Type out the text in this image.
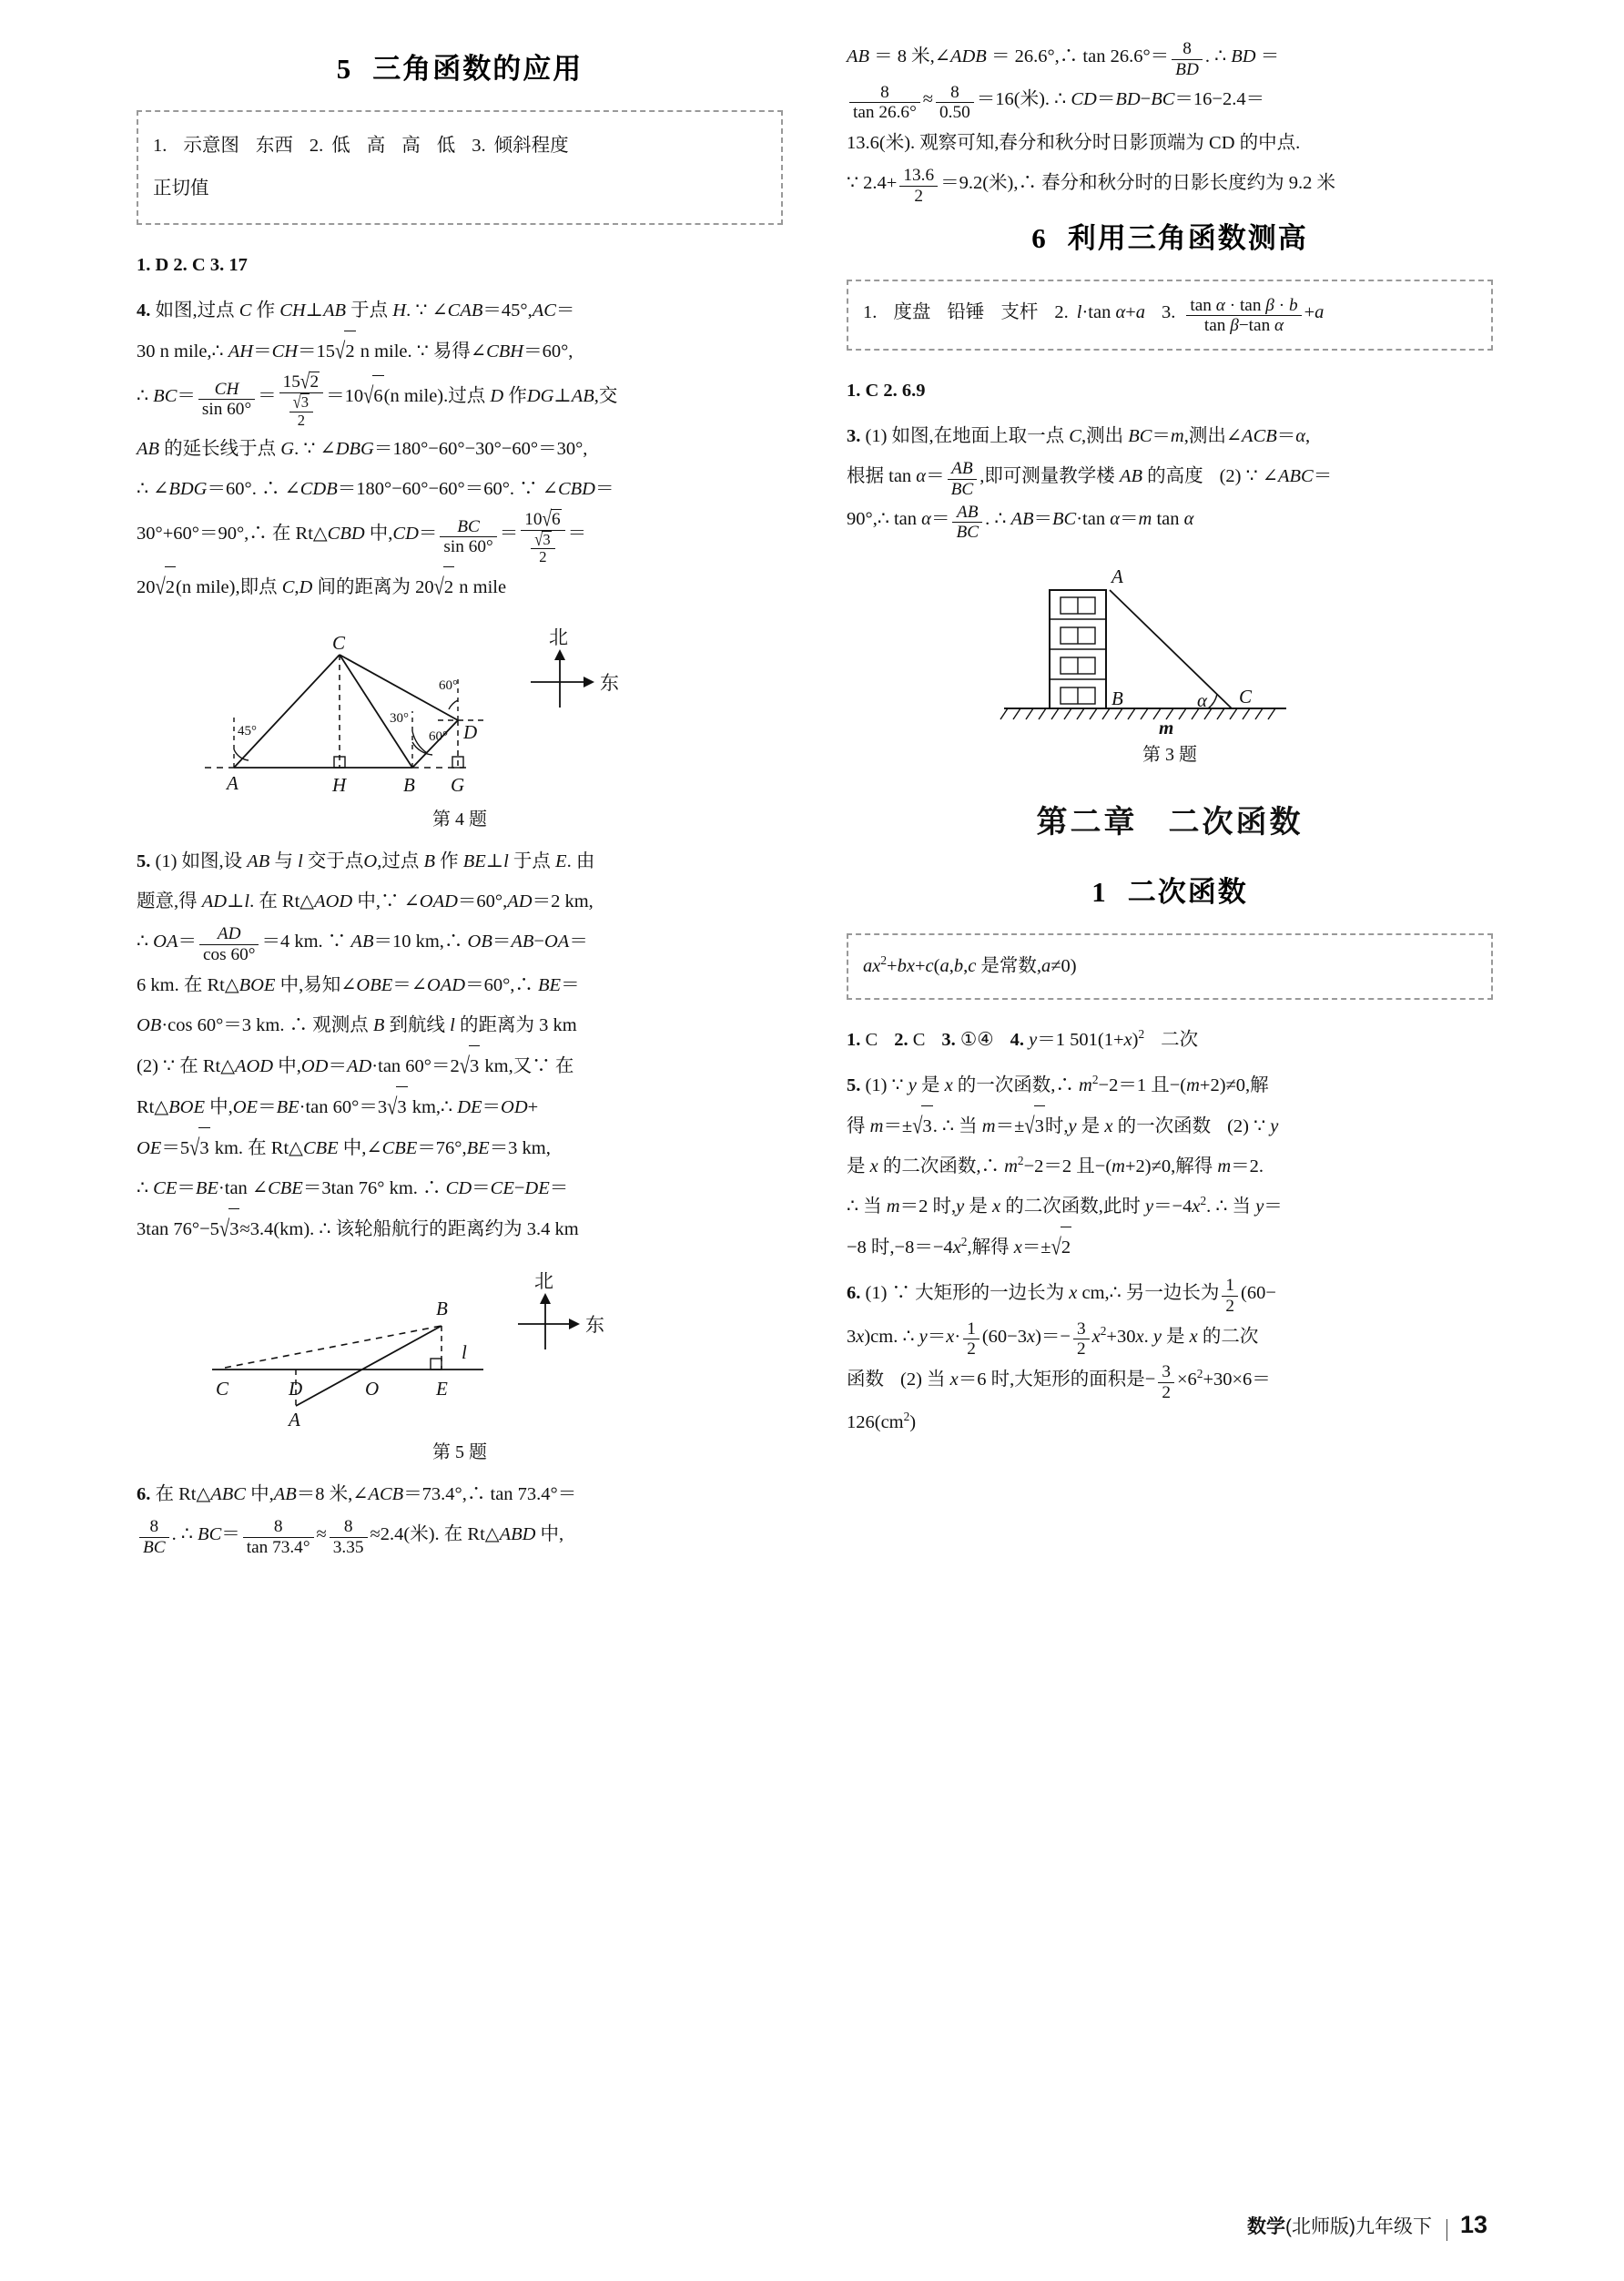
5 三角函数的应用
1. 示意图 东西 2. 低 高 高 低 3. 倾斜程度
正切值

1. D 2. C 3. 17

4. 如图,过点 C 作 CH⊥AB 于点 H. ∵ ∠CAB＝45°,AC＝
30 n mile,∴ AH＝CH＝15√2 n mile. ∵ 易得∠CBH＝60°,
∴ $BC= \frac{CH}{\sin 60^\circ} = \frac{15√2}{\frac{√3}{2}} =10√6(n$ mile).过点 D 作DG⊥AB,交
AB 的延长线于点 G. ∵ ∠DBG＝180°−60°−30°−60°＝30°,
∴ ∠BDG＝60°. ∴ ∠CDB＝180°−60°−60°＝60°. ∵ ∠CBD＝
30°+60°＝90°,∴ 在 Rt△CBD 中$,CD= \frac{BC}{\sin 60^\circ} = \frac{10√6}{\frac{√3}{2}}$ ＝
20√2(n mile),即点 C,D 间的距离为 20√2 n mile

45°
30°
60°
60°
A
C
H	B G
D
北
东
第 4 题

5. (1) 如图,设 AB 与 l 交于点O,过点 B 作 BE⊥l 于点 E. 由
题意,得 AD⊥l. 在 Rt△AOD 中,∵ ∠OAD＝60°,AD＝2 km,
∴ $OA= \frac{AD}{\cos 60^\circ} =4$ km. ∵ AB＝10 km,∴ OB＝AB−OA＝
6 km. 在 Rt△BOE 中,易知∠OBE＝∠OAD＝60°,∴ BE＝
OB·cos 60°＝3 km. ∴ 观测点 B 到航线 l 的距离为 3 km
(2) ∵ 在 Rt△AOD 中,OD＝AD·tan 60°＝2√3 km,又∵ 在
Rt△BOE 中,OE＝BE·tan 60°＝3√3 km,∴ DE＝OD+
OE＝5√3 km. 在 Rt△CBE 中,∠CBE＝76°,BE＝3 km,
∴ CE＝BE·tan ∠CBE＝3tan 76° km. ∴ CD＝CE−DE＝
3tan 76°−5√3≈3.4(km). ∴ 该轮船航行的距离约为 3.4 km

C	D	O	E
B
A
l
北
东
第 5 题

6. 在 Rt△ABC 中,AB＝8 米,∠ACB＝73.4°,∴ tan 73.4°＝

$\frac{8}{BC}$ . ∴ $BC= \frac{8}{\tan 73.4^\circ} \approx \frac{8}{3.35} \approx 2.4$(米). 在 Rt△ABD 中,

AB ＝ 8 米,∠ADB ＝ 26.6°,∴ $\tan 26.6^\circ= \frac{8}{BD}$ . ∴ BD ＝

$\frac{8}{\tan 26.6^\circ} \approx \frac{8}{0.50} =16$(米). ∴ CD＝BD−BC＝16−2.4＝
13.6(米). 观察可知,春分和秋分时日影顶端为 CD 的中点.
∵ $2.4+ \frac{13.6}{2} =9.2$(米),∴ 春分和秋分时的日影长度约为 9.2 米

6 利用三角函数测高
1. 度盘 铅锤 支杆 2. l·tan α+a 3. $\frac{\text{tan α · tan β · b}}{\text{tan β−tan α}} +a$

1. C 2. 6.9

3. (1) 如图,在地面上取一点 C,测出 BC＝m,测出∠ACB＝α,
根据 $\tan \alpha= \frac{AB}{BC}$ ,即可测量教学楼 AB 的高度 (2) ∵ ∠ABC＝
90°,∴ $\tan \alpha= \frac{AB}{BC}$ . ∴ AB＝BC·tan α＝m tan α

A
B	C
α
m
第 3 题
第二章 二次函数
1 二次函数
$ax^2+bx+c(a,b,c$ 是常数,a≠0)

1. C 2. C 3. ①④ 4. y＝1 $501(1+x)^2$ 二次

5. (1) ∵ y 是 x 的一次函数,∴ $m^2-2=1$ 且−(m+2)≠0,解
得 m＝±√3. ∴ 当 m＝±√3时,y 是 x 的一次函数 (2) ∵ y
是 x 的二次函数,∴ $m^2-2=2$ 且−(m+2)≠0,解得 m＝2.
∴ 当 m＝2 时,y 是 x 的二次函数,此时 $y=-4x^2$. ∴ 当 y＝
−8 时$,-8=-4x^2$,解得 x＝±√2

6. (1) ∵ 大矩形的一边长为 x cm,∴ 另一边长为 $\frac{1}{2} (60-$
3x)cm. ∴ $y=x\cdot \frac{1}{2} (60-3x)=- \frac{3}{2} x^2+30x$. y 是 x 的二次
函数 (2) 当 x＝6 时,大矩形的面积是− $\frac{3}{2} \times 6^2+30\times 6=$
$126(cm^2)$

数学(北师版)九年级下 13
